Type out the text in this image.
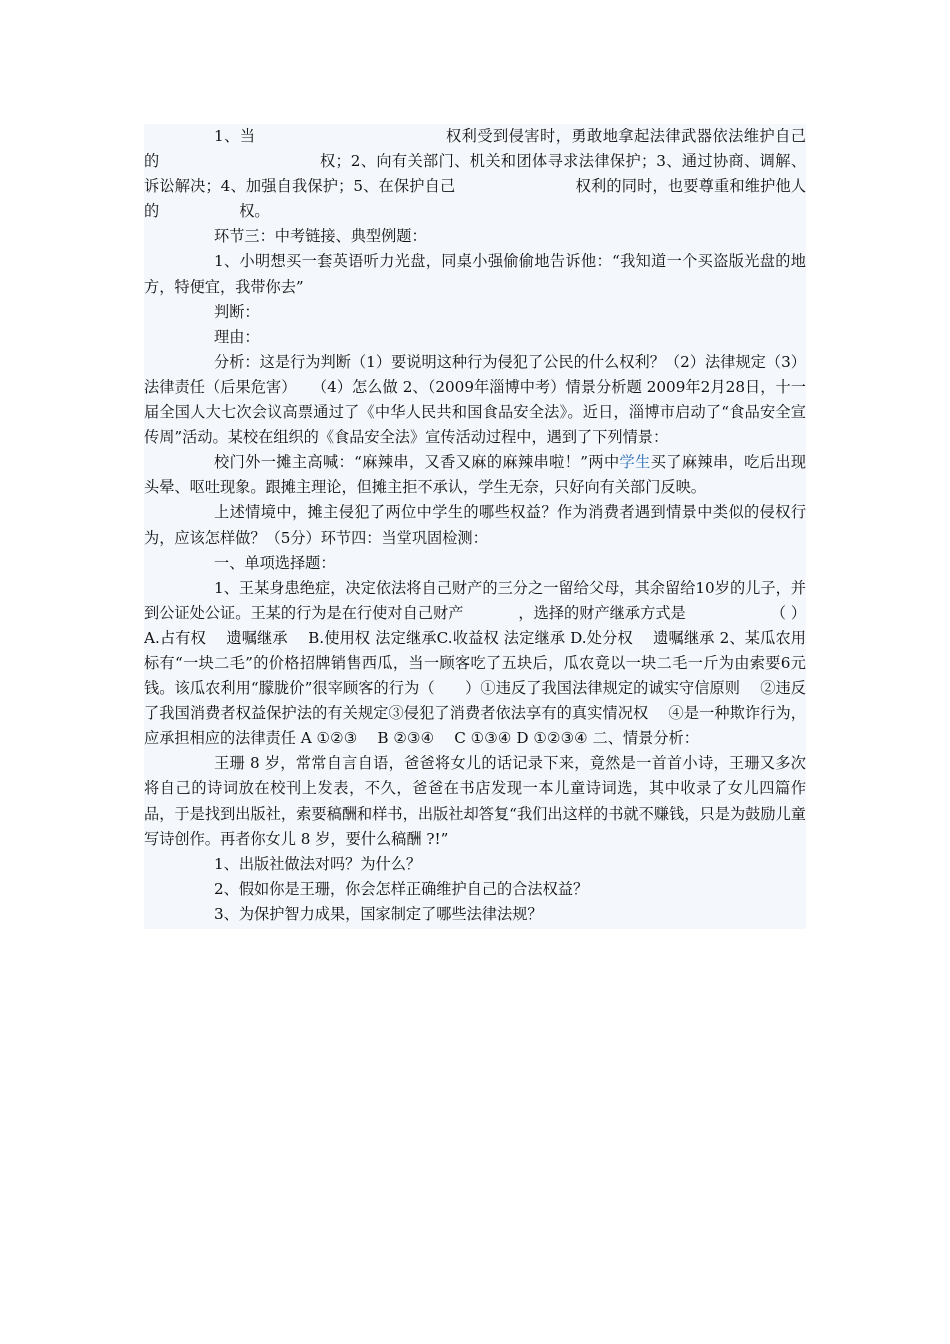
1、当	权利受到侵害时，勇敢地拿起法律武器依法维护自己的	权；2、向有关部门、机关和团体寻求法律保护；3、通过协商、调解、诉讼解决；4、加强自我保护；5、在保护自己	权利的同时，也要尊重和维护他人的	权。

环节三：中考链接、典型例题：

1、小明想买一套英语听力光盘，同桌小强偷偷地告诉他：“我知道一个买盗版光盘的地方，特便宜，我带你去”

判断：

理由：

分析：这是行为判断（1）要说明这种行为侵犯了公民的什么权利？（2）法律规定（3）法律责任（后果危害）　　（4）怎么做 2、（2009年淄博中考）情景分析题 2009年2月28日，十一届全国人大七次会议高票通过了《中华人民共和国食品安全法》。近日，淄博市启动了“食品安全宣传周”活动。某校在组织的《食品安全法》宣传活动过程中，遇到了下列情景：

校门外一摊主高喊：“麻辣串，又香又麻的麻辣串啦！”两中学生买了麻辣串，吃后出现头晕、呕吐现象。跟摊主理论，但摊主拒不承认，学生无奈，只好向有关部门反映。

上述情境中，摊主侵犯了两位中学生的哪些权益？作为消费者遇到情景中类似的侵权行为，应该怎样做？（5分）环节四：当堂巩固检测：

一、单项选择题：

1、王某身患绝症，决定依法将自己财产的三分之一留给父母，其余留给10岁的儿子，并到公证处公证。王某的行为是在行使对自己财产	，选择的财产继承方式是	（ ）A.占有权　 遗嘱继承　 B.使用权 法定继承C.收益权 法定继承 D.处分权　 遗嘱继承 2、某瓜农用标有“一块二毛”的价格招牌销售西瓜，当一顾客吃了五块后，瓜农竟以一块二毛一斤为由索要6元钱。该瓜农利用“朦胧价”很宰顾客的行为（　　）①违反了我国法律规定的诚实守信原则　 ②违反了我国消费者权益保护法的有关规定③侵犯了消费者依法享有的真实情况权　 ④是一种欺诈行为，应承担相应的法律责任 A ①②③　 B ②③④　 C ①③④ D ①②③④ 二、情景分析：

王珊 8 岁，常常自言自语，爸爸将女儿的话记录下来，竟然是一首首小诗，王珊又多次将自己的诗词放在校刊上发表，不久，爸爸在书店发现一本儿童诗词选，其中收录了女儿四篇作品，于是找到出版社，索要稿酬和样书，出版社却答复“我们出这样的书就不赚钱，只是为鼓励儿童写诗创作。再者你女儿 8 岁，要什么稿酬 ?!”

1、出版社做法对吗？为什么？

2、假如你是王珊，你会怎样正确维护自己的合法权益？

3、为保护智力成果，国家制定了哪些法律法规？
